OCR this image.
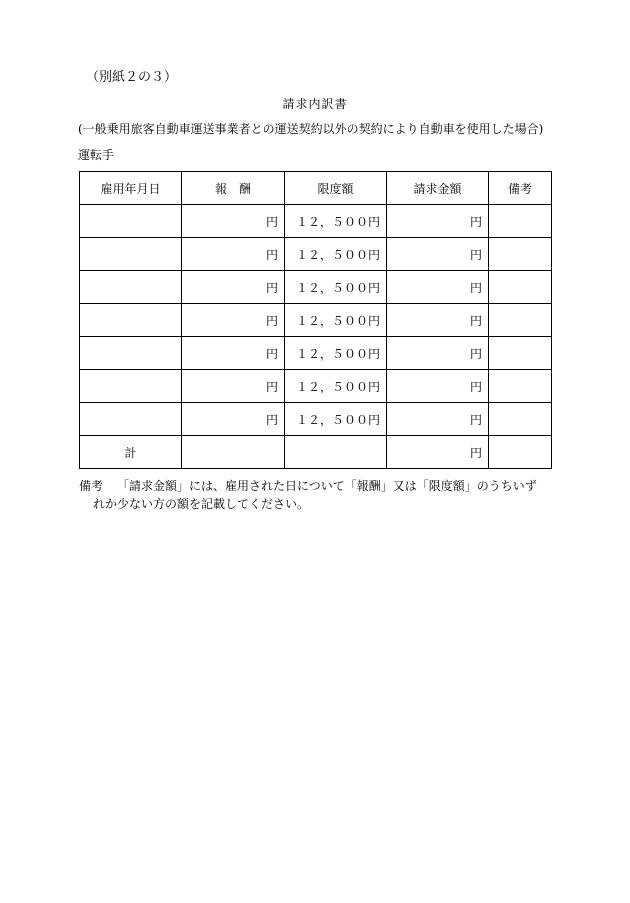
（別紙２の３）
請求内訳書
(一般乗用旅客自動車運送事業者との運送契約以外の契約により自動車を使用した場合)
運転手
雇用年月日	報　酬	限度額	請求金額	備考
	円	１２，５００円	円	
	円	１２，５００円	円	
	円	１２，５００円	円	
	円	１２，５００円	円	
	円	１２，５００円	円	
	円	１２，５００円	円	
	円	１２，５００円	円	
計			円	
備考 「請求金額」には、雇用された日について「報酬」又は「限度額」のうちいず
れか少ない方の額を記載してください。
